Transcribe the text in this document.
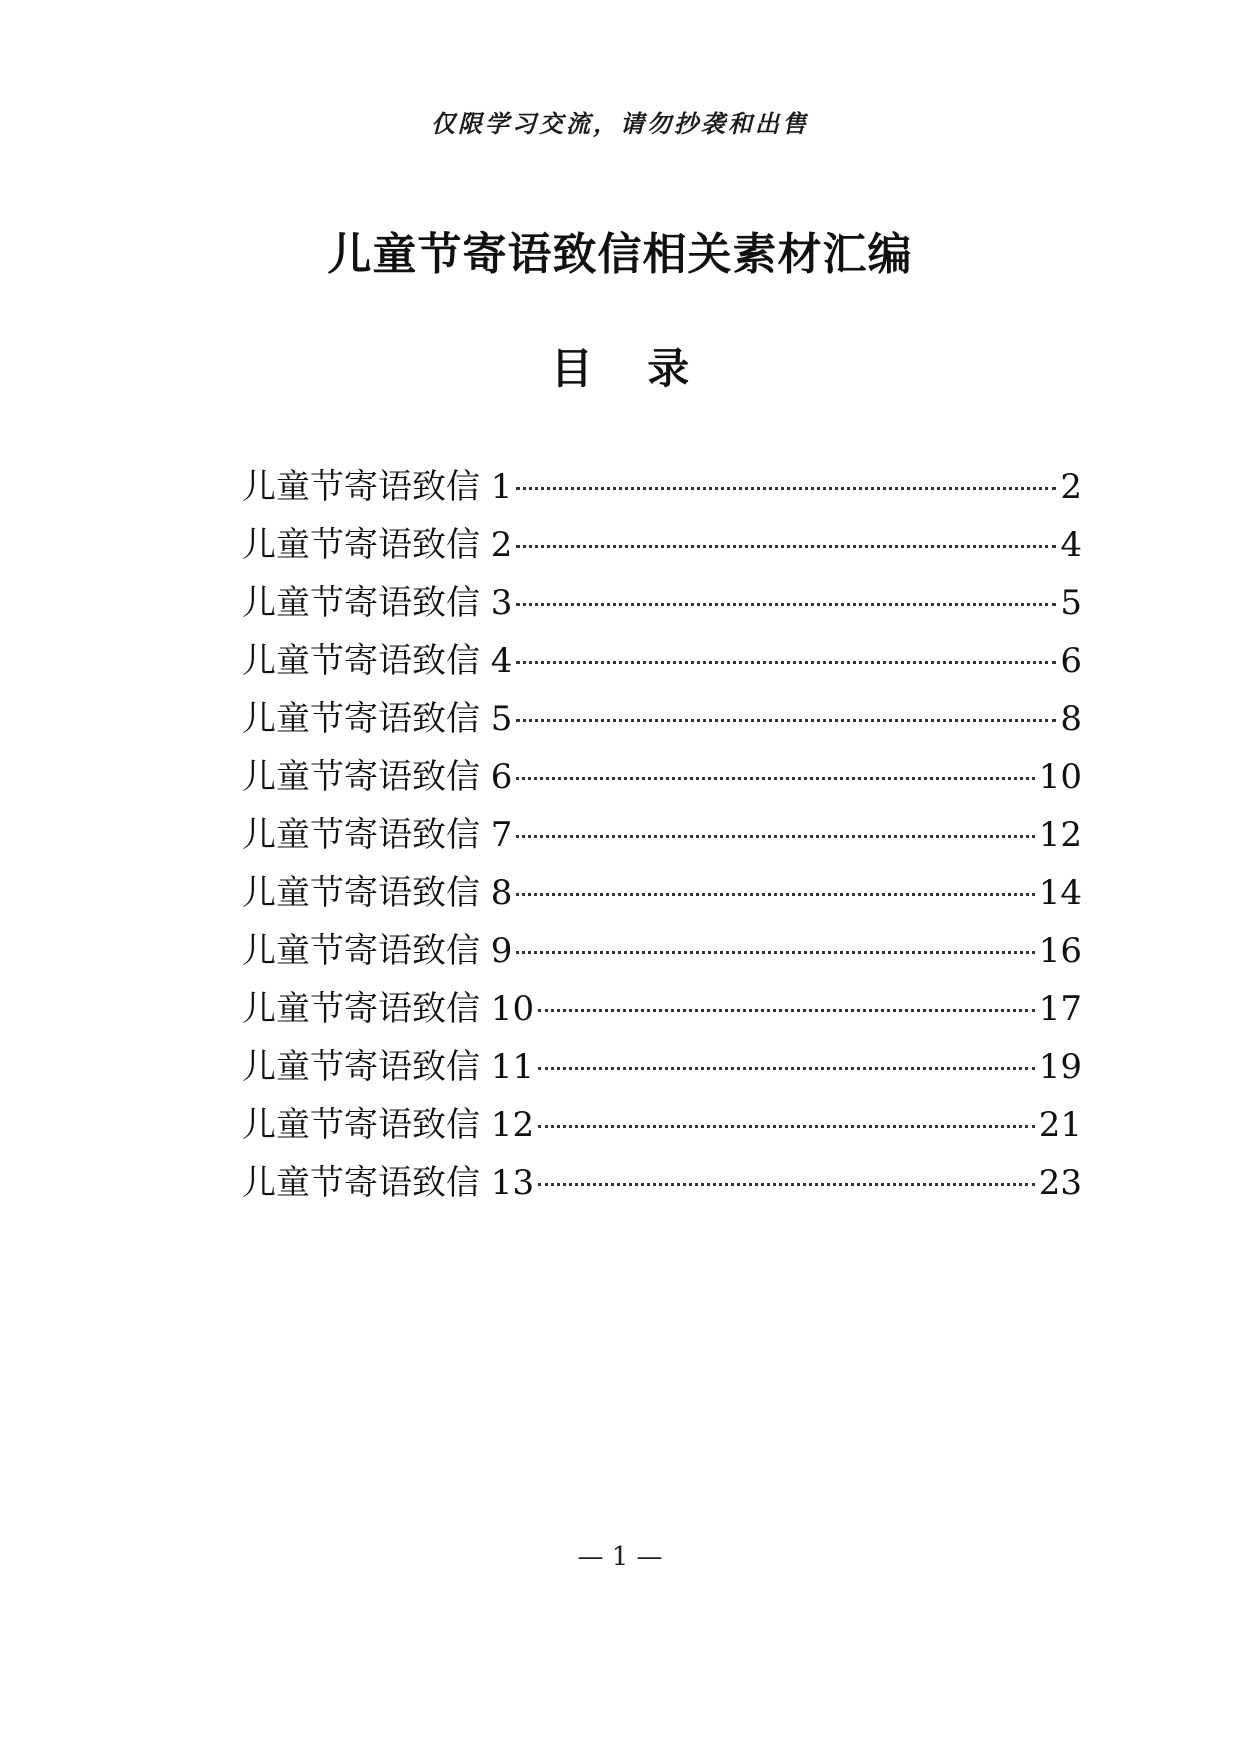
仅限学习交流，请勿抄袭和出售
儿童节寄语致信相关素材汇编
目 录
儿童节寄语致信 1	2
儿童节寄语致信 2	4
儿童节寄语致信 3	5
儿童节寄语致信 4	6
儿童节寄语致信 5	8
儿童节寄语致信 6	10
儿童节寄语致信 7	12
儿童节寄语致信 8	14
儿童节寄语致信 9	16
儿童节寄语致信 10	17
儿童节寄语致信 11	19
儿童节寄语致信 12	21
儿童节寄语致信 13	23
— 1 —
